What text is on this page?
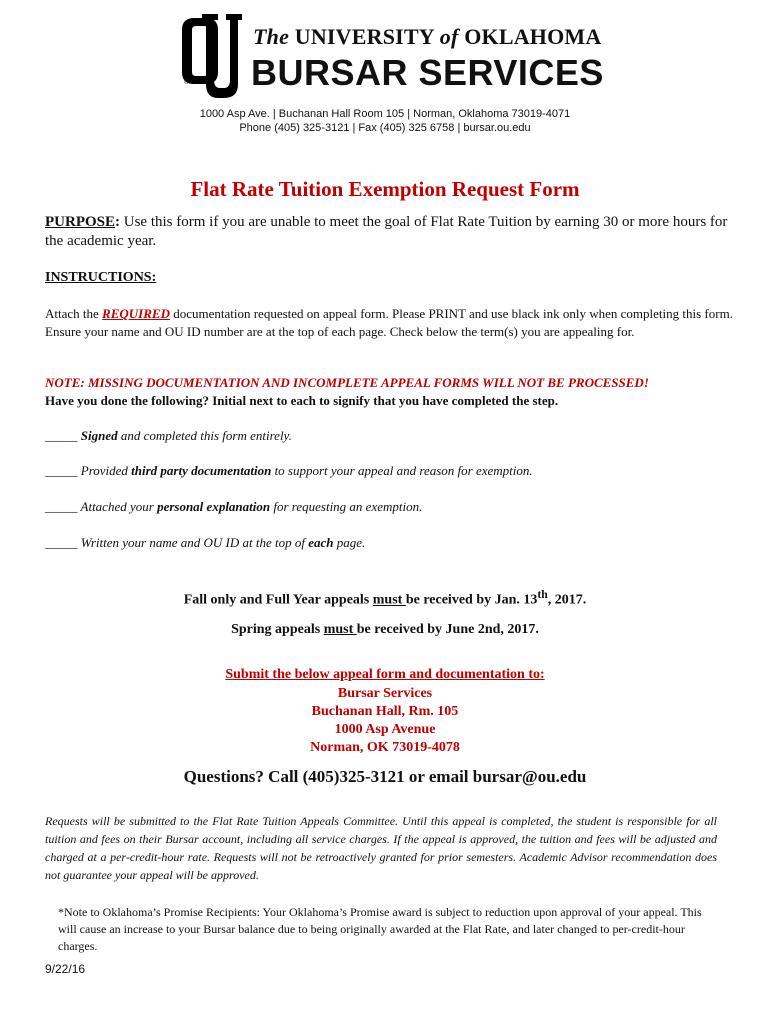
®
The UNIVERSITY of OKLAHOMA
BURSAR SERVICES
1000 Asp Ave. | Buchanan Hall Room 105 | Norman, Oklahoma 73019-4071
Phone (405) 325-3121 | Fax (405) 325 6758 | bursar.ou.edu
Flat Rate Tuition Exemption Request Form
PURPOSE: Use this form if you are unable to meet the goal of Flat Rate Tuition by earning 30 or more hours for the academic year.
INSTRUCTIONS:
Attach the REQUIRED documentation requested on appeal form. Please PRINT and use black ink only when completing this form. Ensure your name and OU ID number are at the top of each page. Check below the term(s) you are appealing for.
NOTE: MISSING DOCUMENTATION AND INCOMPLETE APPEAL FORMS WILL NOT BE PROCESSED!
Have you done the following? Initial next to each to signify that you have completed the step.
_____ Signed and completed this form entirely.
_____ Provided third party documentation to support your appeal and reason for exemption.
_____ Attached your personal explanation for requesting an exemption.
_____ Written your name and OU ID at the top of each page.
Fall only and Full Year appeals must be received by Jan. 13th, 2017.
Spring appeals must be received by June 2nd, 2017.
Submit the below appeal form and documentation to:
Bursar Services
Buchanan Hall, Rm. 105
1000 Asp Avenue
Norman, OK 73019-4078
Questions? Call (405)325-3121 or email bursar@ou.edu
Requests will be submitted to the Flat Rate Tuition Appeals Committee. Until this appeal is completed, the student is responsible for all tuition and fees on their Bursar account, including all service charges. If the appeal is approved, the tuition and fees will be adjusted and charged at a per-credit-hour rate. Requests will not be retroactively granted for prior semesters. Academic Advisor recommendation does not guarantee your appeal will be approved.
*Note to Oklahoma’s Promise Recipients: Your Oklahoma’s Promise award is subject to reduction upon approval of your appeal. This will cause an increase to your Bursar balance due to being originally awarded at the Flat Rate, and later changed to per-credit-hour charges.
9/22/16
